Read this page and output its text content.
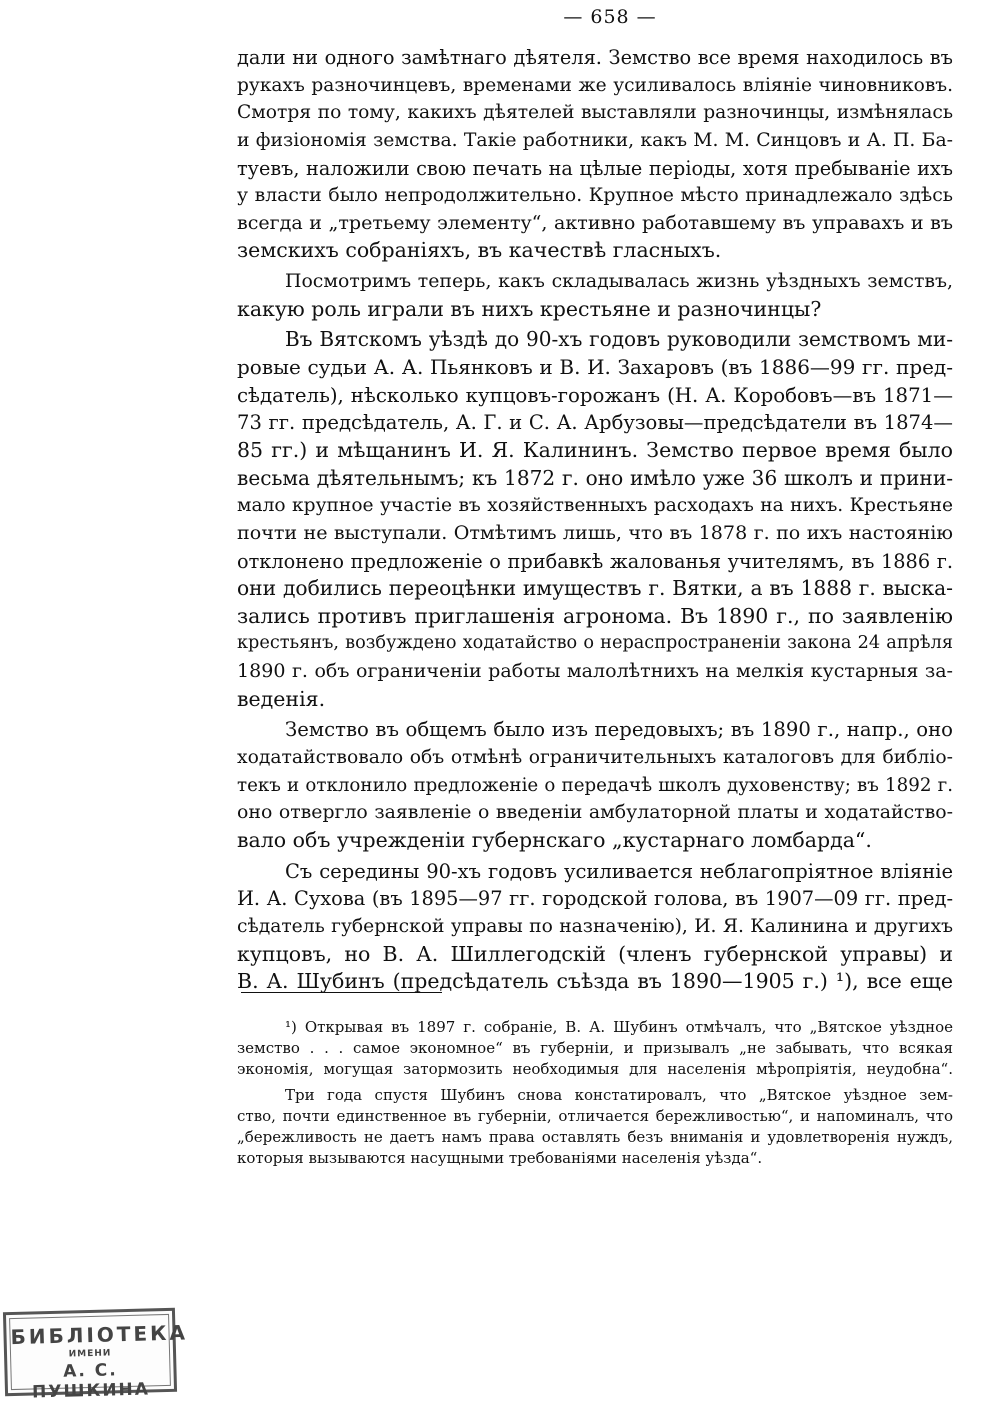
— 658 —
дали ни одного замѣтнаго дѣятеля. Земство все время находилось въ
рукахъ разночинцевъ, временами же усиливалось вліяніе чиновниковъ.
Смотря по тому, какихъ дѣятелей выставляли разночинцы, измѣнялась
и физіономія земства. Такіе работники, какъ М. М. Синцовъ и А. П. Ба-
туевъ, наложили свою печать на цѣлые періоды, хотя пребываніе ихъ
у власти было непродолжительно. Крупное мѣсто принадлежало здѣсь
всегда и „третьему элементу“, активно работавшему въ управахъ и въ
земскихъ собраніяхъ, въ качествѣ гласныхъ.
Посмотримъ теперь, какъ складывалась жизнь уѣздныхъ земствъ,
какую роль играли въ нихъ крестьяне и разночинцы?
Въ Вятскомъ уѣздѣ до 90-хъ годовъ руководили земствомъ ми-
ровые судьи А. А. Пьянковъ и В. И. Захаровъ (въ 1886—99 гг. пред-
сѣдатель), нѣсколько купцовъ-горожанъ (Н. А. Коробовъ—въ 1871—
73 гг. предсѣдатель, А. Г. и С. А. Арбузовы—предсѣдатели въ 1874—
85 гг.) и мѣщанинъ И. Я. Калининъ. Земство первое время было
весьма дѣятельнымъ; къ 1872 г. оно имѣло уже 36 школъ и прини-
мало крупное участіе въ хозяйственныхъ расходахъ на нихъ. Крестьяне
почти не выступали. Отмѣтимъ лишь, что въ 1878 г. по ихъ настоянію
отклонено предложеніе о прибавкѣ жалованья учителямъ, въ 1886 г.
они добились переоцѣнки имуществъ г. Вятки, а въ 1888 г. выска-
зались противъ приглашенія агронома. Въ 1890 г., по заявленію
крестьянъ, возбуждено ходатайство о нераспространеніи закона 24 апрѣля
1890 г. объ ограниченіи работы малолѣтнихъ на мелкія кустарныя за-
веденія.
Земство въ общемъ было изъ передовыхъ; въ 1890 г., напр., оно
ходатайствовало объ отмѣнѣ ограничительныхъ каталоговъ для библіо-
текъ и отклонило предложеніе о передачѣ школъ духовенству; въ 1892 г.
оно отвергло заявленіе о введеніи амбулаторной платы и ходатайство-
вало объ учрежденіи губернскаго „кустарнаго ломбарда“.
Съ середины 90-хъ годовъ усиливается неблагопріятное вліяніе
И. А. Сухова (въ 1895—97 гг. городской голова, въ 1907—09 гг. пред-
сѣдатель губернской управы по назначенію), И. Я. Калинина и другихъ
купцовъ, но В. А. Шиллегодскій (членъ губернской управы) и
В. А. Шубинъ (предсѣдатель съѣзда въ 1890—1905 г.) ¹), все еще
¹) Открывая въ 1897 г. собраніе, В. А. Шубинъ отмѣчалъ, что „Вятское уѣздное
земство . . . самое экономное“ въ губерніи, и призывалъ „не забывать, что всякая
экономія, могущая затормозить необходимыя для населенія мѣропріятія, неудобна“.
Три года спустя Шубинъ снова констатировалъ, что „Вятское уѣздное зем-
ство, почти единственное въ губерніи, отличается бережливостью“, и напоминалъ, что
„бережливость не даетъ намъ права оставлять безъ вниманія и удовлетворенія нуждъ,
которыя вызываются насущными требованіями населенія уѣзда“.
БИБЛІОТЕКА
ИМЕНИ
А. С. ПУШКИНА
